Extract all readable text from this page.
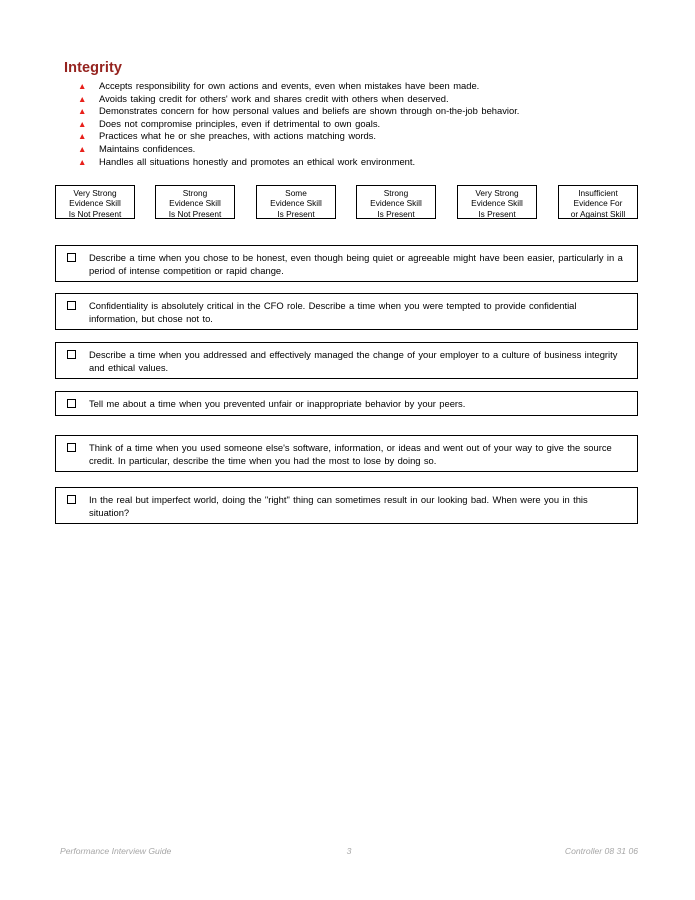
Integrity
▲	Accepts responsibility for own actions and events, even when mistakes have been made.
▲	Avoids taking credit for others' work and shares credit with others when deserved.
▲	Demonstrates concern for how personal values and beliefs are shown through on-the-job behavior.
▲	Does not compromise principles, even if detrimental to own goals.
▲	Practices what he or she preaches, with actions matching words.
▲	Maintains confidences.
▲	Handles all situations honestly and promotes an ethical work environment.
Very Strong
Evidence Skill
Is Not Present
Strong
Evidence Skill
Is Not Present
Some
Evidence Skill
Is Present
Strong
Evidence Skill
Is Present
Very Strong
Evidence Skill
Is Present
Insufficient
Evidence For
or Against Skill

Describe a time when you chose to be honest, even though being quiet or agreeable might have been easier, particularly in a period of intense competition or rapid change.

Confidentiality is absolutely critical in the CFO role. Describe a time when you were tempted to provide confidential information, but chose not to.

Describe a time when you addressed and effectively managed the change of your employer to a culture of business integrity and ethical values.

Tell me about a time when you prevented unfair or inappropriate behavior by your peers.

Think of a time when you used someone else's software, information, or ideas and went out of your way to give the source credit. In particular, describe the time when you had the most to lose by doing so.

In the real but imperfect world, doing the "right" thing can sometimes result in our looking bad. When were you in this situation?

Performance Interview Guide	3	Controller 08 31 06
